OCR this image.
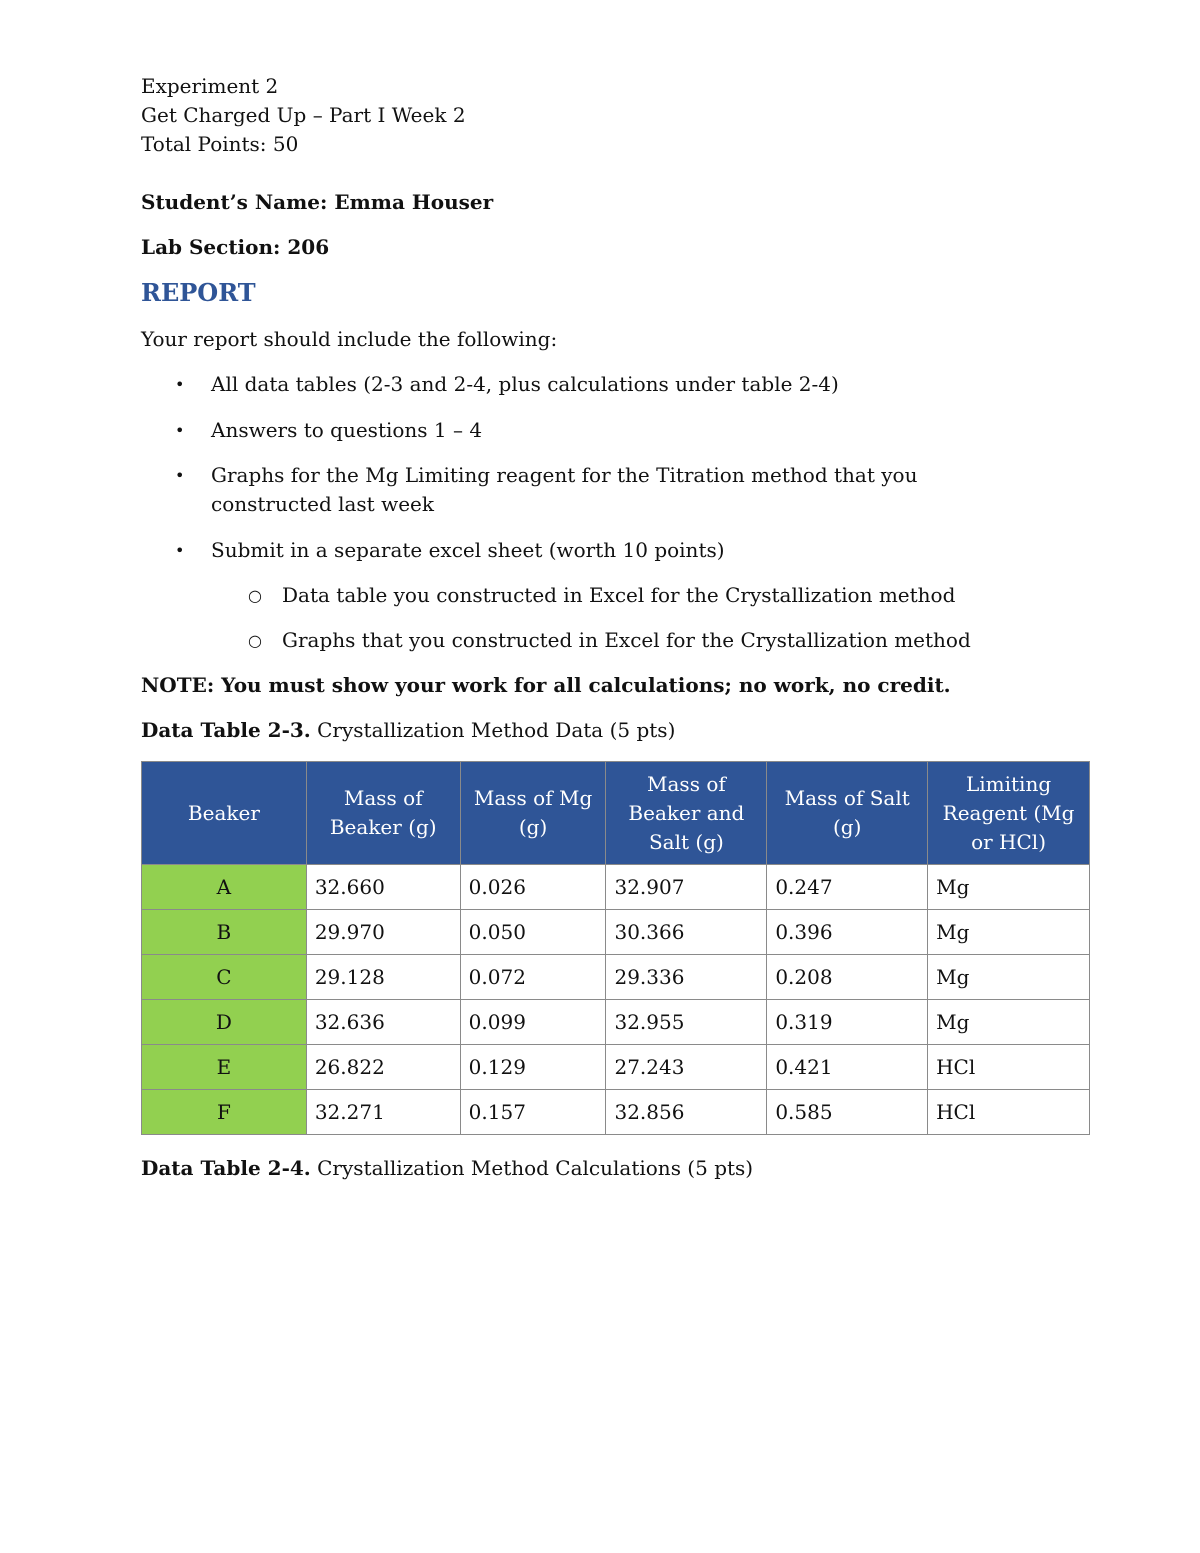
Experiment 2
Get Charged Up – Part I Week 2
Total Points: 50
Student’s Name: Emma Houser
Lab Section: 206
REPORT
Your report should include the following:
• All data tables (2-3 and 2-4, plus calculations under table 2-4)
• Answers to questions 1 – 4
• Graphs for the Mg Limiting reagent for the Titration method that you constructed last week
• Submit in a separate excel sheet (worth 10 points)
○ Data table you constructed in Excel for the Crystallization method
○ Graphs that you constructed in Excel for the Crystallization method
NOTE: You must show your work for all calculations; no work, no credit.
Data Table 2-3. Crystallization Method Data (5 pts)
Beaker	Mass of Beaker (g)	Mass of Mg (g)	Mass of Beaker and Salt (g)	Mass of Salt (g)	Limiting Reagent (Mg or HCl)
A	32.660	0.026	32.907	0.247	Mg
B	29.970	0.050	30.366	0.396	Mg
C	29.128	0.072	29.336	0.208	Mg
D	32.636	0.099	32.955	0.319	Mg
E	26.822	0.129	27.243	0.421	HCl
F	32.271	0.157	32.856	0.585	HCl
Data Table 2-4. Crystallization Method Calculations (5 pts)
